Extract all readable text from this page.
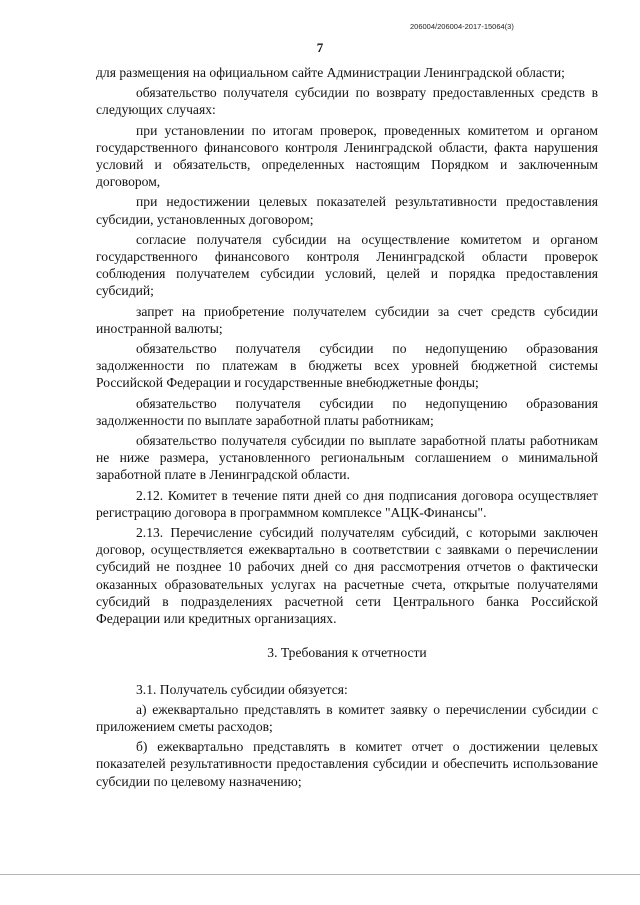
206004/206004-2017-15064(3)
7

для размещения на официальном сайте Администрации Ленинградской области;

обязательство получателя субсидии по возврату предоставленных средств в следующих случаях:

при установлении по итогам проверок, проведенных комитетом и органом государственного финансового контроля Ленинградской области, факта нарушения условий и обязательств, определенных настоящим Порядком и заключенным договором,

при недостижении целевых показателей результативности предоставления субсидии, установленных договором;

согласие получателя субсидии на осуществление комитетом и органом государственного финансового контроля Ленинградской области проверок соблюдения получателем субсидии условий, целей и порядка предоставления субсидий;

запрет на приобретение получателем субсидии за счет средств субсидии иностранной валюты;

обязательство получателя субсидии по недопущению образования задолженности по платежам в бюджеты всех уровней бюджетной системы Российской Федерации и государственные внебюджетные фонды;

обязательство получателя субсидии по недопущению образования задолженности по выплате заработной платы работникам;

обязательство получателя субсидии по выплате заработной платы работникам не ниже размера, установленного региональным соглашением о минимальной заработной плате в Ленинградской области.

2.12. Комитет в течение пяти дней со дня подписания договора осуществляет регистрацию договора в программном комплексе "АЦК-Финансы".

2.13. Перечисление субсидий получателям субсидий, с которыми заключен договор, осуществляется ежеквартально в соответствии с заявками о перечислении субсидий не позднее 10 рабочих дней со дня рассмотрения отчетов о фактически оказанных образовательных услугах на расчетные счета, открытые получателями субсидий в подразделениях расчетной сети Центрального банка Российской Федерации или кредитных организациях.

3. Требования к отчетности

3.1. Получатель субсидии обязуется:

а) ежеквартально представлять в комитет заявку о перечислении субсидии с приложением сметы расходов;

б) ежеквартально представлять в комитет отчет о достижении целевых показателей результативности предоставления субсидии и обеспечить использование субсидии по целевому назначению;
